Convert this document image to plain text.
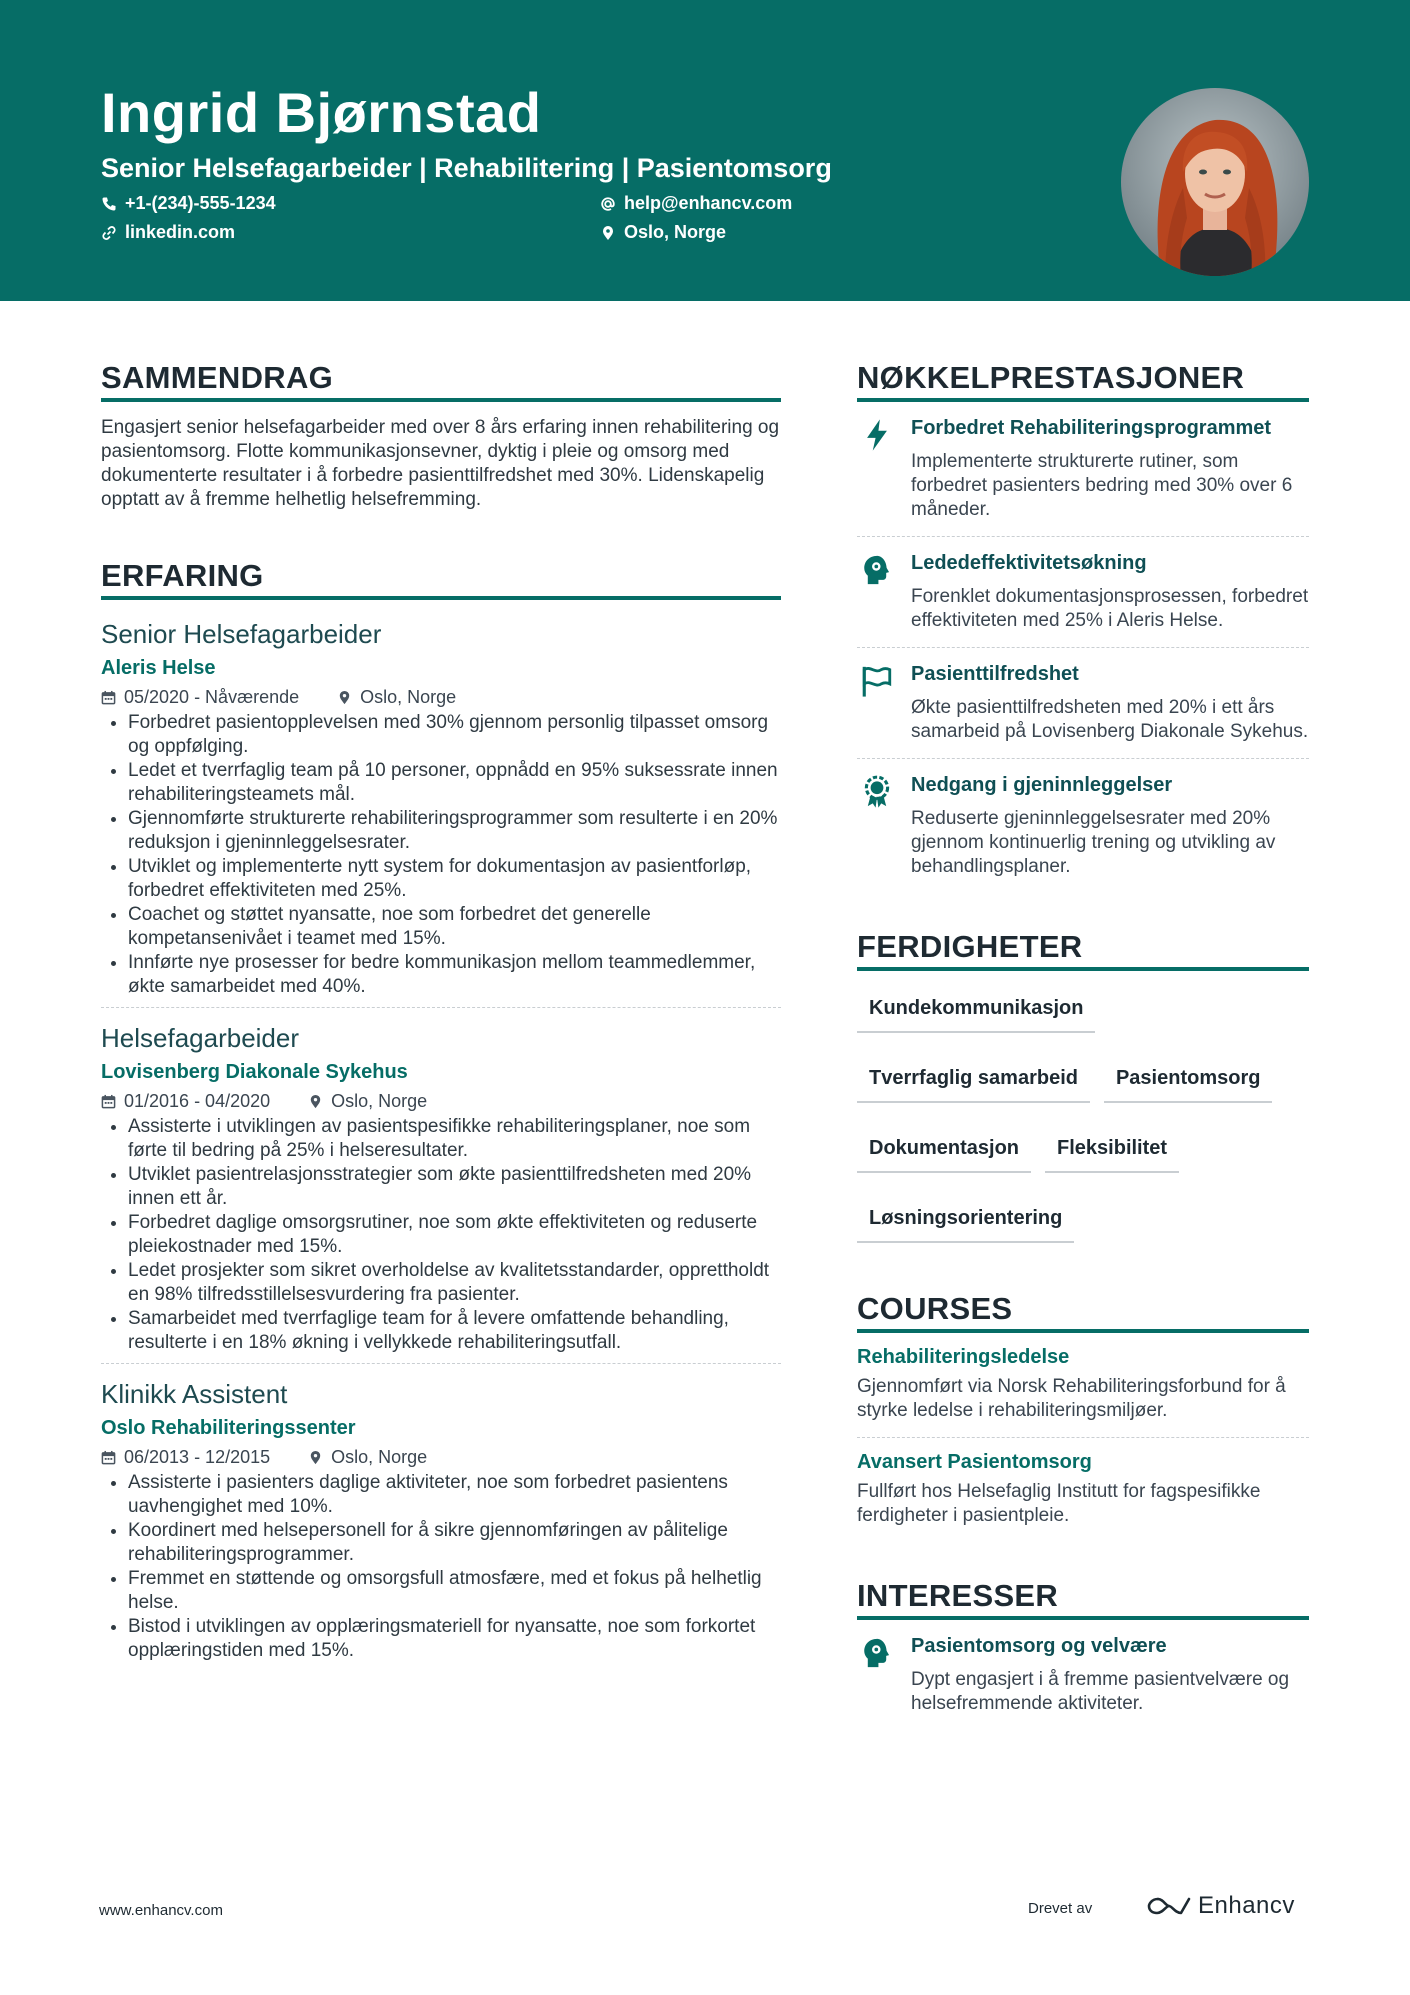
Ingrid Bjørnstad
Senior Helsefagarbeider | Rehabilitering | Pasientomsorg
+1-(234)-555-1234	help@enhancv.com
linkedin.com	Oslo, Norge
SAMMENDRAG

Engasjert senior helsefagarbeider med over 8 års erfaring innen rehabilitering og pasientomsorg. Flotte kommunikasjonsevner, dyktig i pleie og omsorg med dokumenterte resultater i å forbedre pasienttilfredshet med 30%. Lidenskapelig opptatt av å fremme helhetlig helsefremming.

ERFARING
Senior Helsefagarbeider
Aleris Helse
05/2020 - Nåværende	Oslo, Norge
• Forbedret pasientopplevelsen med 30% gjennom personlig tilpasset omsorg og oppfølging.
• Ledet et tverrfaglig team på 10 personer, oppnådd en 95% suksessrate innen rehabiliteringsteamets mål.
• Gjennomførte strukturerte rehabiliteringsprogrammer som resulterte i en 20% reduksjon i gjeninnleggelsesrater.
• Utviklet og implementerte nytt system for dokumentasjon av pasientforløp, forbedret effektiviteten med 25%.
• Coachet og støttet nyansatte, noe som forbedret det generelle kompetansenivået i teamet med 15%.
• Innførte nye prosesser for bedre kommunikasjon mellom teammedlemmer, økte samarbeidet med 40%.
Helsefagarbeider
Lovisenberg Diakonale Sykehus
01/2016 - 04/2020	Oslo, Norge
• Assisterte i utviklingen av pasientspesifikke rehabiliteringsplaner, noe som førte til bedring på 25% i helseresultater.
• Utviklet pasientrelasjonsstrategier som økte pasienttilfredsheten med 20% innen ett år.
• Forbedret daglige omsorgsrutiner, noe som økte effektiviteten og reduserte pleiekostnader med 15%.
• Ledet prosjekter som sikret overholdelse av kvalitetsstandarder, opprettholdt en 98% tilfredsstillelsesvurdering fra pasienter.
• Samarbeidet med tverrfaglige team for å levere omfattende behandling, resulterte i en 18% økning i vellykkede rehabiliteringsutfall.
Klinikk Assistent
Oslo Rehabiliteringssenter
06/2013 - 12/2015	Oslo, Norge
• Assisterte i pasienters daglige aktiviteter, noe som forbedret pasientens uavhengighet med 10%.
• Koordinert med helsepersonell for å sikre gjennomføringen av pålitelige rehabiliteringsprogrammer.
• Fremmet en støttende og omsorgsfull atmosfære, med et fokus på helhetlig helse.
• Bistod i utviklingen av opplæringsmateriell for nyansatte, noe som forkortet opplæringstiden med 15%.
NØKKELPRESTASJONER
Forbedret Rehabiliteringsprogrammet
Implementerte strukturerte rutiner, som forbedret pasienters bedring med 30% over 6 måneder.
Lededeffektivitetsøkning
Forenklet dokumentasjonsprosessen, forbedret effektiviteten med 25% i Aleris Helse.
Pasienttilfredshet
Økte pasienttilfredsheten med 20% i ett års samarbeid på Lovisenberg Diakonale Sykehus.
Nedgang i gjeninnleggelser
Reduserte gjeninnleggelsesrater med 20% gjennom kontinuerlig trening og utvikling av behandlingsplaner.
FERDIGHETER
Kundekommunikasjon
Tverrfaglig samarbeid	Pasientomsorg
Dokumentasjon	Fleksibilitet
Løsningsorientering
COURSES
Rehabiliteringsledelse
Gjennomført via Norsk Rehabiliteringsforbund for å styrke ledelse i rehabiliteringsmiljøer.
Avansert Pasientomsorg
Fullført hos Helsefaglig Institutt for fagspesifikke ferdigheter i pasientpleie.
INTERESSER
Pasientomsorg og velvære
Dypt engasjert i å fremme pasientvelvære og helsefremmende aktiviteter.
www.enhancv.com	Drevet av	Enhancv
